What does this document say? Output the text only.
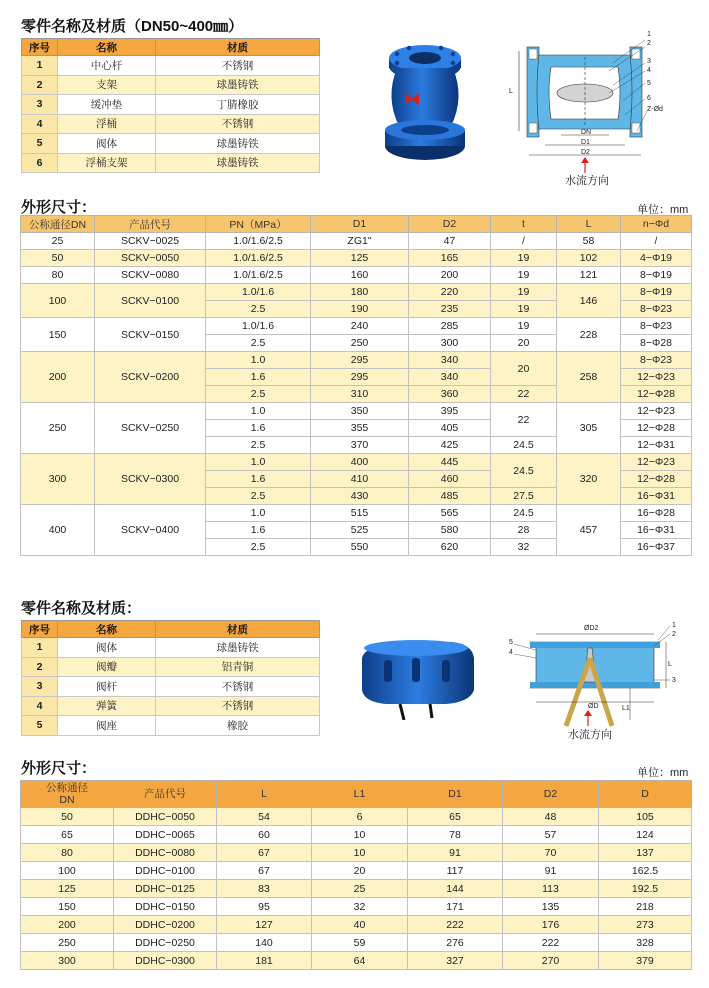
零件名称及材质（DN50~400㎜）
序号	名称	材质
1	中心杆	不锈钢
2	支架	球墨铸铁
3	缓冲垫	丁腈橡胶
4	浮桶	不锈钢
5	阀体	球墨铸铁
6	浮桶支架	球墨铸铁
L
1
2
3
4
5
6
Z-Ød
DN
D1
D2
水流方向
外形尺寸：	单位：mm
公称通径DN	产品代号	PN（MPa）	D1	D2	t	L	n−Φd
25	SCKV−0025	1.0/1.6/2.5	ZG1"	47	/	58	/
50	SCKV−0050	1.0/1.6/2.5	125	165	19	102	4−Φ19
80	SCKV−0080	1.0/1.6/2.5	160	200	19	121	8−Φ19
100	SCKV−0100	1.0/1.6	180	220	19	146	8−Φ19
		2.5	190	235	19		8−Φ23
150	SCKV−0150	1.0/1.6	240	285	19	228	8−Φ23
		2.5	250	300	20		8−Φ28
200	SCKV−0200	1.0	295	340	20	258	8−Φ23
		1.6	295	340			12−Φ23
		2.5	310	360	22		12−Φ28
250	SCKV−0250	1.0	350	395	22	305	12−Φ23
		1.6	355	405			12−Φ28
		2.5	370	425	24.5		12−Φ31
300	SCKV−0300	1.0	400	445	24.5	320	12−Φ23
		1.6	410	460			12−Φ28
		2.5	430	485	27.5		16−Φ31
400	SCKV−0400	1.0	515	565	24.5	457	16−Φ28
		1.6	525	580	28		16−Φ31
		2.5	550	620	32		16−Φ37
零件名称及材质：
序号	名称	材质
1	阀体	球墨铸铁
2	阀瓣	铝青铜
3	阀杆	不锈钢
4	弹簧	不锈钢
5	阀座	橡胶
ØD2
ØD
L
L1
1
2
3
4
5
水流方向
外形尺寸：	单位：mm
公称通径
DN	产品代号	L	L1	D1	D2	D
50	DDHC−0050	54	6	65	48	105
65	DDHC−0065	60	10	78	57	124
80	DDHC−0080	67	10	91	70	137
100	DDHC−0100	67	20	117	91	162.5
125	DDHC−0125	83	25	144	113	192.5
150	DDHC−0150	95	32	171	135	218
200	DDHC−0200	127	40	222	176	273
250	DDHC−0250	140	59	276	222	328
300	DDHC−0300	181	64	327	270	379
